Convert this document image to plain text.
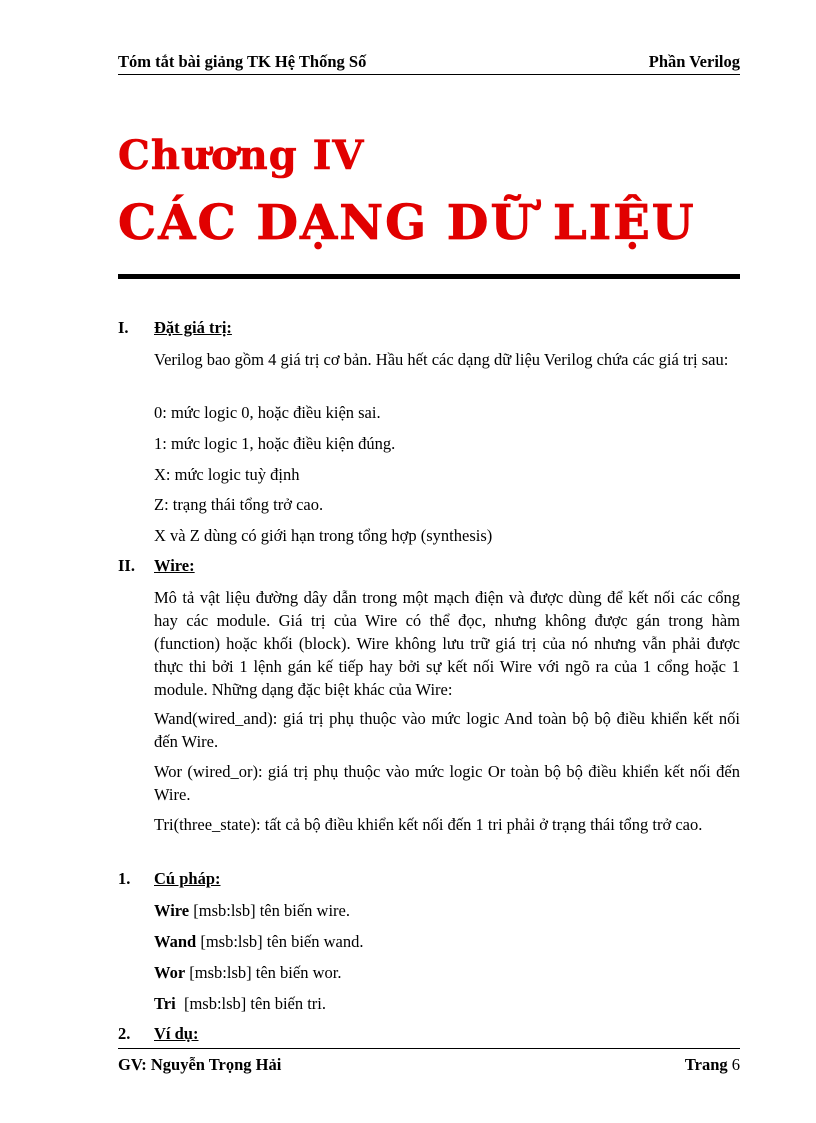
Tóm tắt bài giảng TK Hệ Thống Số	Phần Verilog
Chương IV
CÁC DẠNG DỮ LIỆU
I. Đặt giá trị:
Verilog bao gồm 4 giá trị cơ bản. Hầu hết các dạng dữ liệu Verilog chứa các giá trị sau:
0: mức logic 0, hoặc điều kiện sai.
1: mức logic 1, hoặc điều kiện đúng.
X: mức logic tuỳ định
Z: trạng thái tổng trở cao.
X và Z dùng có giới hạn trong tổng hợp (synthesis)
II. Wire:
Mô tả vật liệu đường dây dẫn trong một mạch điện và được dùng để kết nối các cổng hay các module. Giá trị của Wire có thể đọc, nhưng không được gán trong hàm (function) hoặc khối (block). Wire không lưu trữ giá trị của nó nhưng vẫn phải được thực thi bởi 1 lệnh gán kế tiếp hay bởi sự kết nối Wire với ngõ ra của 1 cổng hoặc 1 module. Những dạng đặc biệt khác của Wire:
Wand(wired_and): giá trị phụ thuộc vào mức logic And toàn bộ bộ điều khiển kết nối đến Wire.
Wor (wired_or): giá trị phụ thuộc vào mức logic Or toàn bộ bộ điều khiển kết nối đến Wire.
Tri(three_state): tất cả bộ điều khiển kết nối đến 1 tri phải ở trạng thái tổng trở cao.
1. Cú pháp:
Wire [msb:lsb] tên biến wire.
Wand [msb:lsb] tên biến wand.
Wor [msb:lsb] tên biến wor.
Tri  [msb:lsb] tên biến tri.
2. Ví dụ:
GV: Nguyễn Trọng Hải	Trang 6
